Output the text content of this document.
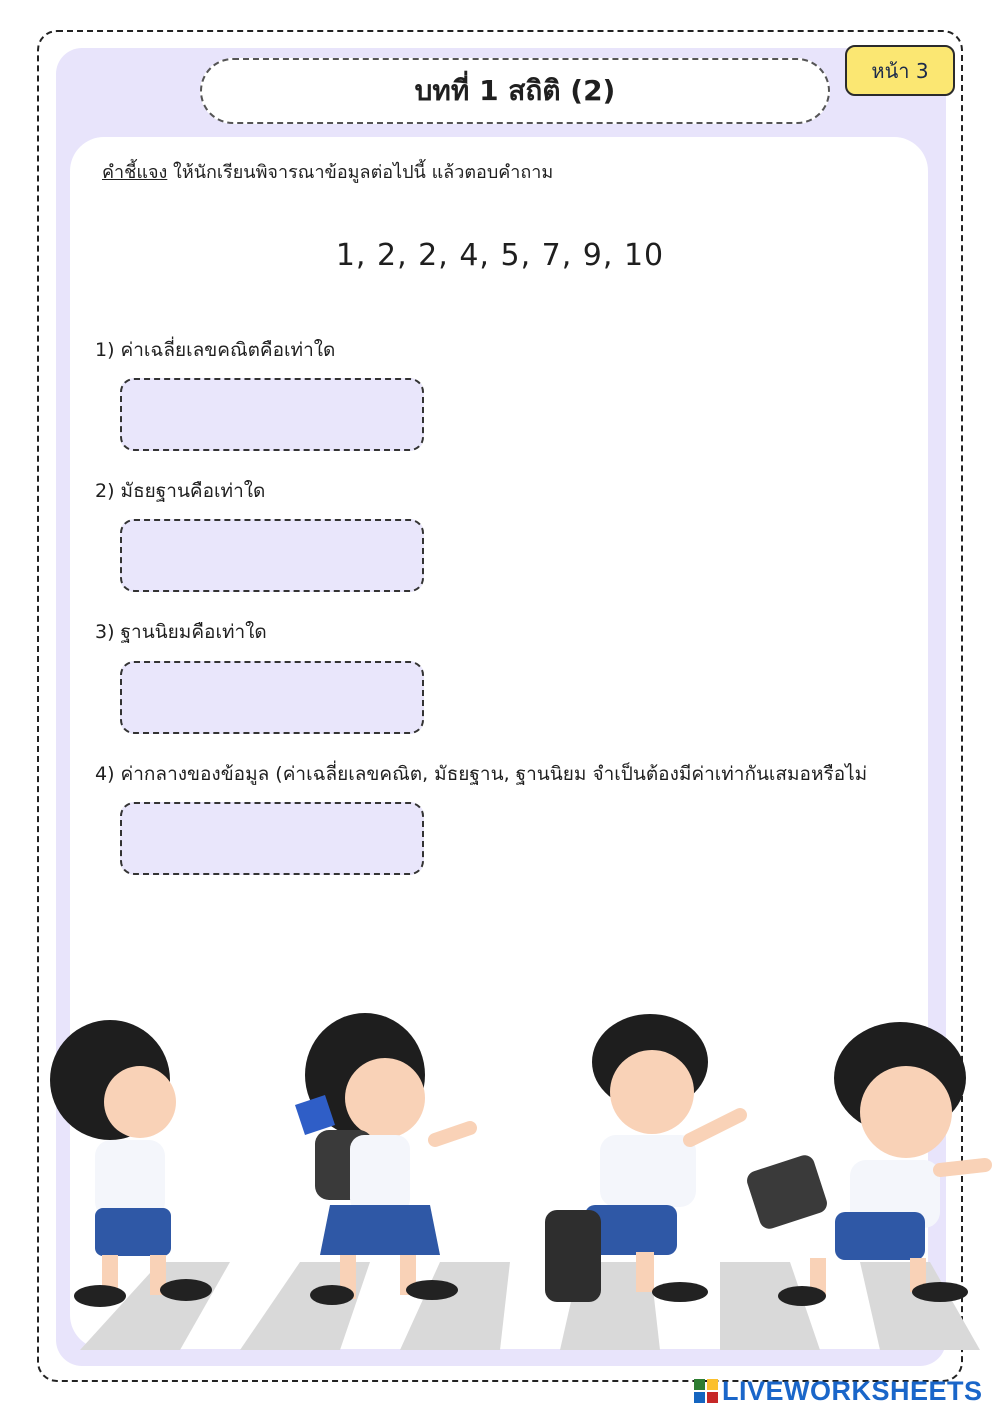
บทที่ 1 สถิติ (2)
หน้า 3
คำชี้แจง ให้นักเรียนพิจารณาข้อมูลต่อไปนี้ แล้วตอบคำถาม
1, 2, 2, 4, 5, 7, 9, 10
1) ค่าเฉลี่ยเลขคณิตคือเท่าใด
2) มัธยฐานคือเท่าใด
3) ฐานนิยมคือเท่าใด
4) ค่ากลางของข้อมูล (ค่าเฉลี่ยเลขคณิต, มัธยฐาน, ฐานนิยม จำเป็นต้องมีค่าเท่ากันเสมอหรือไม่
LIVEWORKSHEETS
